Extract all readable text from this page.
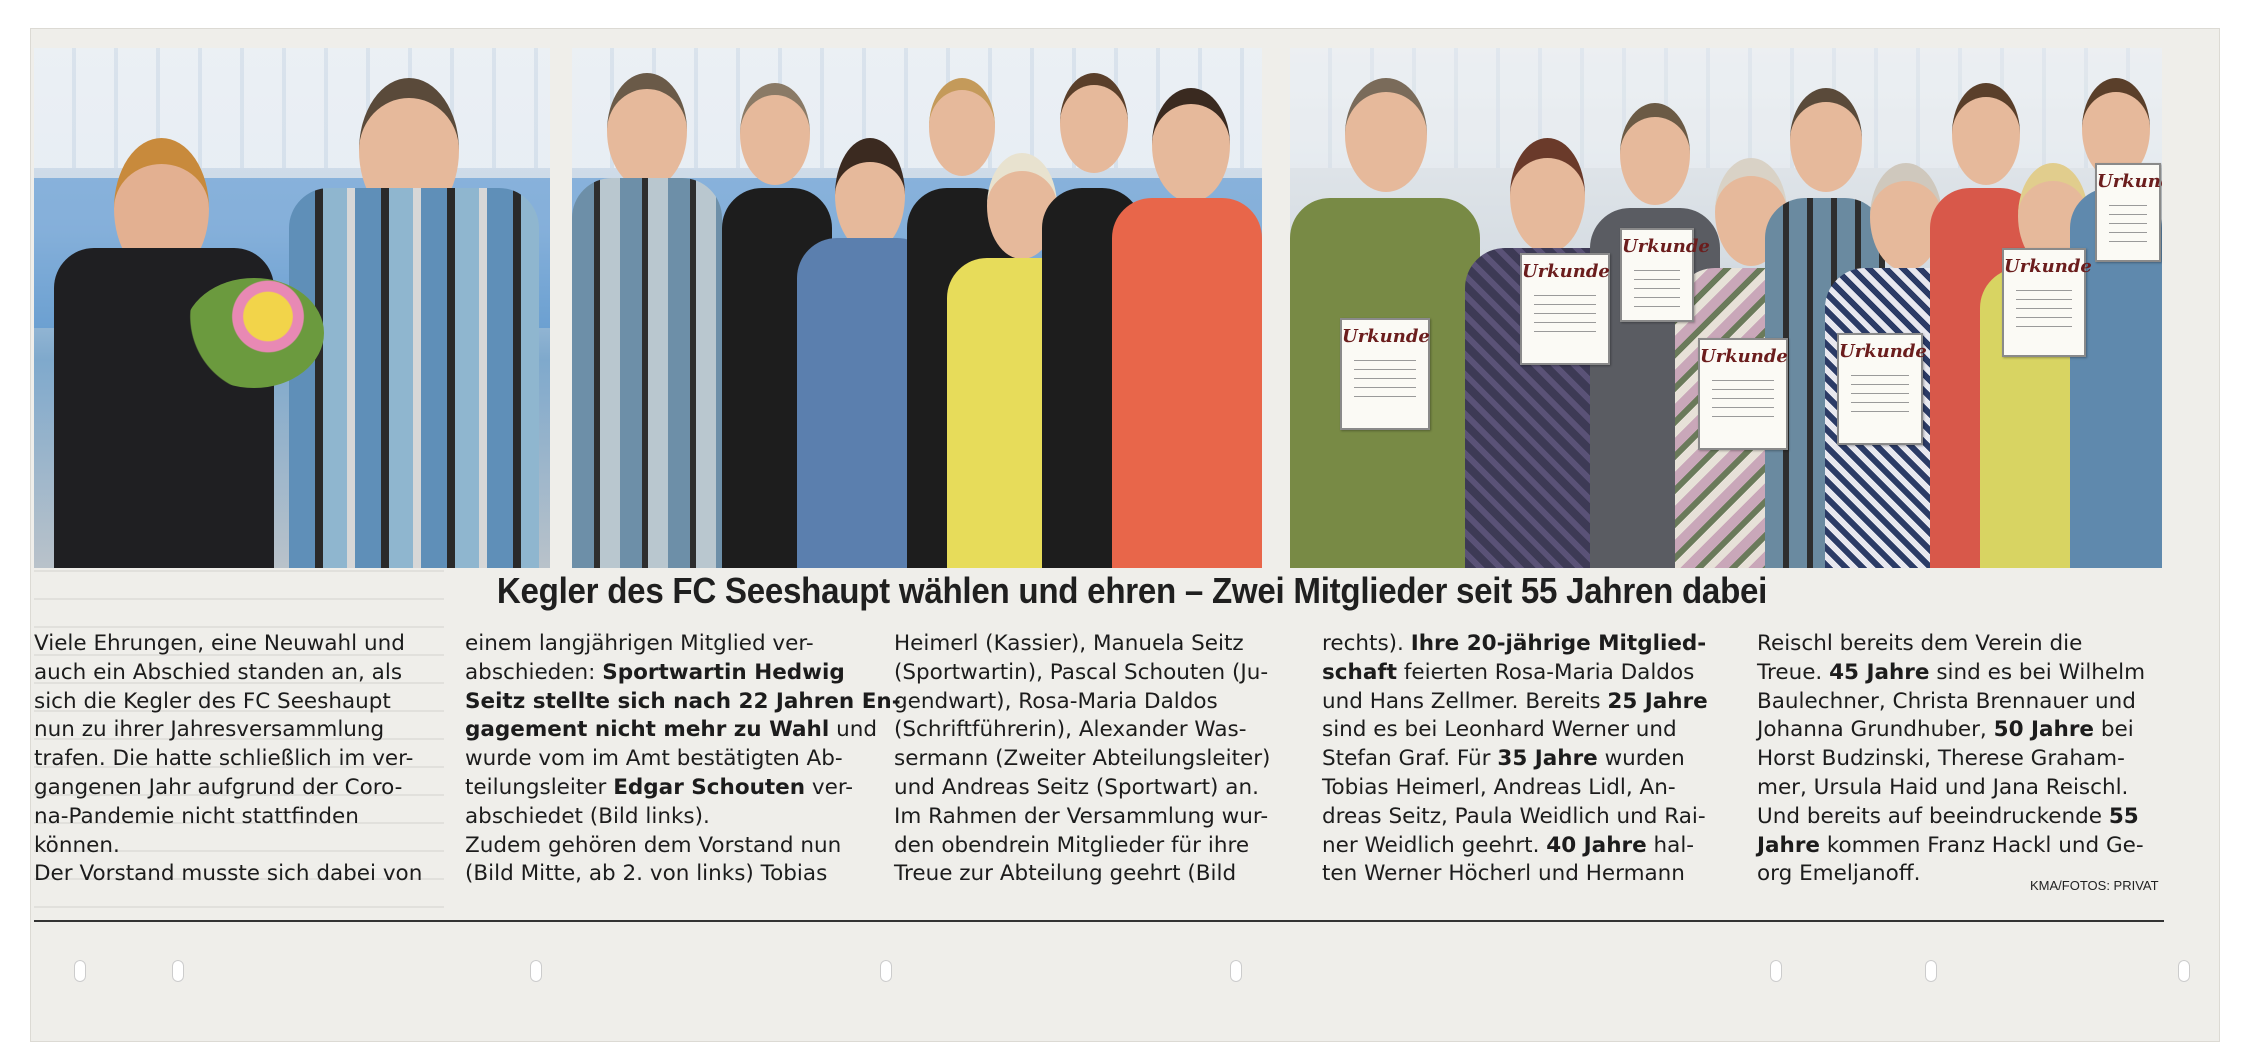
Urkunde
Urkunde
Urkunde
Urkunde
Urkunde
Urkunde
Urkunde
Kegler des FC Seeshaupt wählen und ehren – Zwei Mitglieder seit 55 Jahren dabei
Viele Ehrungen, eine Neuwahl und
auch ein Abschied standen an, als
sich die Kegler des FC Seeshaupt
nun zu ihrer Jahresversammlung
trafen. Die hatte schließlich im ver-
gangenen Jahr aufgrund der Coro-
na-Pandemie nicht stattfinden
können.
Der Vorstand musste sich dabei von
einem langjährigen Mitglied ver-
abschieden: Sportwartin Hedwig
Seitz stellte sich nach 22 Jahren En-
gagement nicht mehr zu Wahl und
wurde vom im Amt bestätigten Ab-
teilungsleiter Edgar Schouten ver-
abschiedet (Bild links).
Zudem gehören dem Vorstand nun
(Bild Mitte, ab 2. von links) Tobias
Heimerl (Kassier), Manuela Seitz
(Sportwartin), Pascal Schouten (Ju-
gendwart), Rosa-Maria Daldos
(Schriftführerin), Alexander Was-
sermann (Zweiter Abteilungsleiter)
und Andreas Seitz (Sportwart) an.
Im Rahmen der Versammlung wur-
den obendrein Mitglieder für ihre
Treue zur Abteilung geehrt (Bild
rechts). Ihre 20-jährige Mitglied-
schaft feierten Rosa-Maria Daldos
und Hans Zellmer. Bereits 25 Jahre
sind es bei Leonhard Werner und
Stefan Graf. Für 35 Jahre wurden
Tobias Heimerl, Andreas Lidl, An-
dreas Seitz, Paula Weidlich und Rai-
ner Weidlich geehrt. 40 Jahre hal-
ten Werner Höcherl und Hermann
Reischl bereits dem Verein die
Treue. 45 Jahre sind es bei Wilhelm
Baulechner, Christa Brennauer und
Johanna Grundhuber, 50 Jahre bei
Horst Budzinski, Therese Graham-
mer, Ursula Haid und Jana Reischl.
Und bereits auf beeindruckende 55
Jahre kommen Franz Hackl und Ge-
org Emeljanoff.	KMA/FOTOS: PRIVAT
